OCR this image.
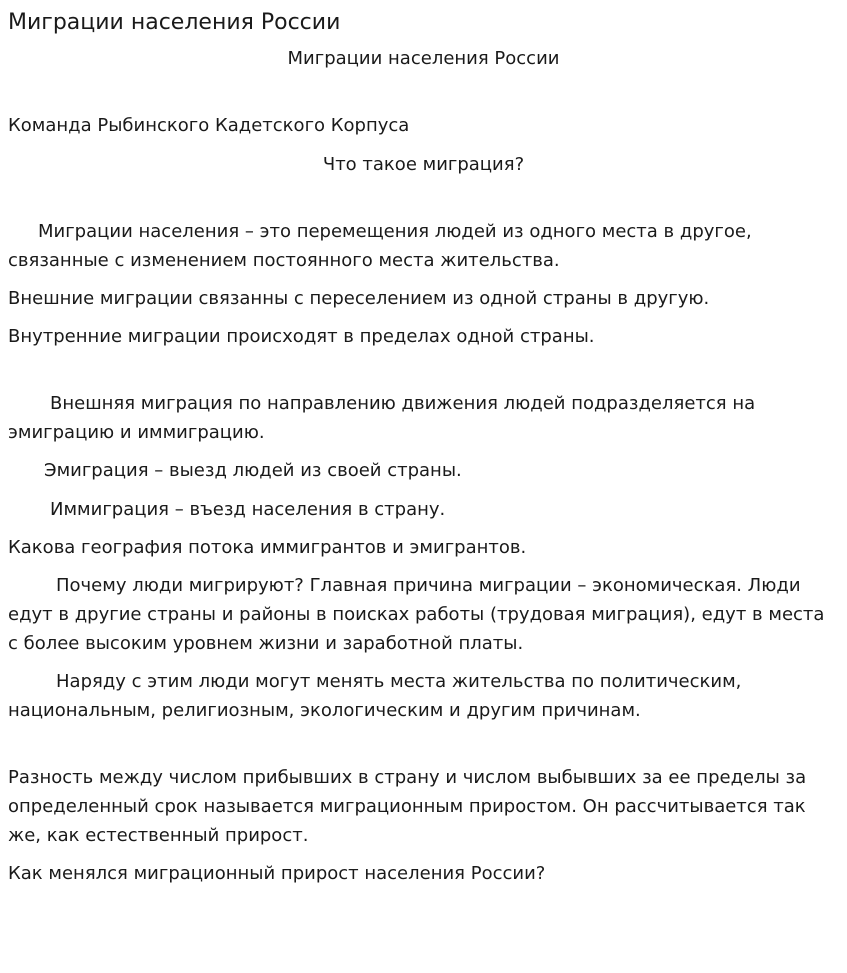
Миграции населения России

Миграции населения России

Команда Рыбинского Кадетского Корпуса

Что такое миграция?

Миграции населения – это перемещения людей из одного места в другое, связанные с изменением постоянного места жительства.

Внешние миграции связанны с переселением из одной страны в другую.

Внутренние миграции происходят в пределах одной страны.

Внешняя миграция по направлению движения людей подразделяется на эмиграцию и иммиграцию.

Эмиграция – выезд людей из своей страны.

Иммиграция – въезд населения в страну.

Какова география потока иммигрантов и эмигрантов.

Почему люди мигрируют? Главная причина миграции – экономическая. Люди едут в другие страны и районы в поисках работы (трудовая миграция), едут в места с более высоким уровнем жизни и заработной платы.

Наряду с этим люди могут менять места жительства по политическим, национальным, религиозным, экологическим и другим причинам.

Разность между числом прибывших в страну и числом выбывших за ее пределы за определенный срок называется миграционным приростом. Он рассчитывается так же, как естественный прирост.

Как менялся миграционный прирост населения России?
